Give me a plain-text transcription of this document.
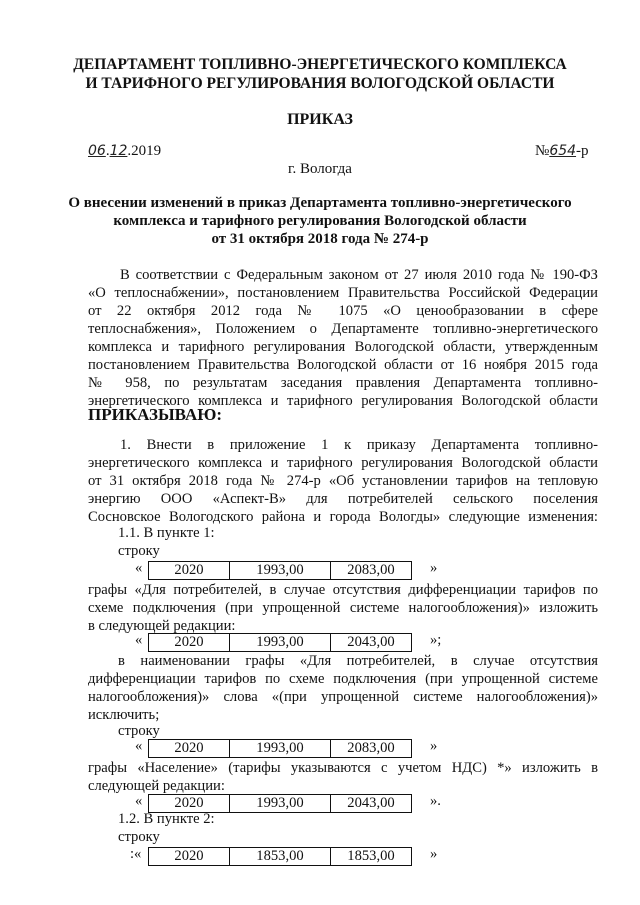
ДЕПАРТАМЕНТ ТОПЛИВНО-ЭНЕРГЕТИЧЕСКОГО КОМПЛЕКСА
И ТАРИФНОГО РЕГУЛИРОВАНИЯ ВОЛОГОДСКОЙ ОБЛАСТИ
ПРИКАЗ
06.12.2019	№654-р
г. Вологда
О внесении изменений в приказ Департамента топливно-энергетического
комплекса и тарифного регулирования Вологодской области
от 31 октября 2018 года № 274-р
В соответствии с Федеральным законом от 27 июля 2010 года № 190-ФЗ
«О теплоснабжении», постановлением Правительства Российской Федерации
от 22 октября 2012 года № 1075 «О ценообразовании в сфере
теплоснабжения», Положением о Департаменте топливно-энергетического
комплекса и тарифного регулирования Вологодской области, утвержденным
постановлением Правительства Вологодской области от 16 ноября 2015 года
№ 958, по результатам заседания правления Департамента топливно-
энергетического комплекса и тарифного регулирования Вологодской области
ПРИКАЗЫВАЮ:
1. Внести в приложение 1 к приказу Департамента топливно-
энергетического комплекса и тарифного регулирования Вологодской области
от 31 октября 2018 года № 274-р «Об установлении тарифов на тепловую
энергию ООО «Аспект-В» для потребителей сельского поселения
Сосновское Вологодского района и города Вологды» следующие изменения:
1.1. В пункте 1:
строку
« 2020	1993,00	2083,00 »
графы «Для потребителей, в случае отсутствия дифференциации тарифов по
схеме подключения (при упрощенной системе налогообложения)» изложить
в следующей редакции:
« 2020	1993,00	2043,00 »;
в наименовании графы «Для потребителей, в случае отсутствия
дифференциации тарифов по схеме подключения (при упрощенной системе
налогообложения)» слова «(при упрощенной системе налогообложения)»
исключить;
строку
« 2020	1993,00	2083,00 »
графы «Население» (тарифы указываются с учетом НДС) *» изложить в
следующей редакции:
« 2020	1993,00	2043,00 ».
1.2. В пункте 2:
строку
:« 2020	1853,00	1853,00 »
